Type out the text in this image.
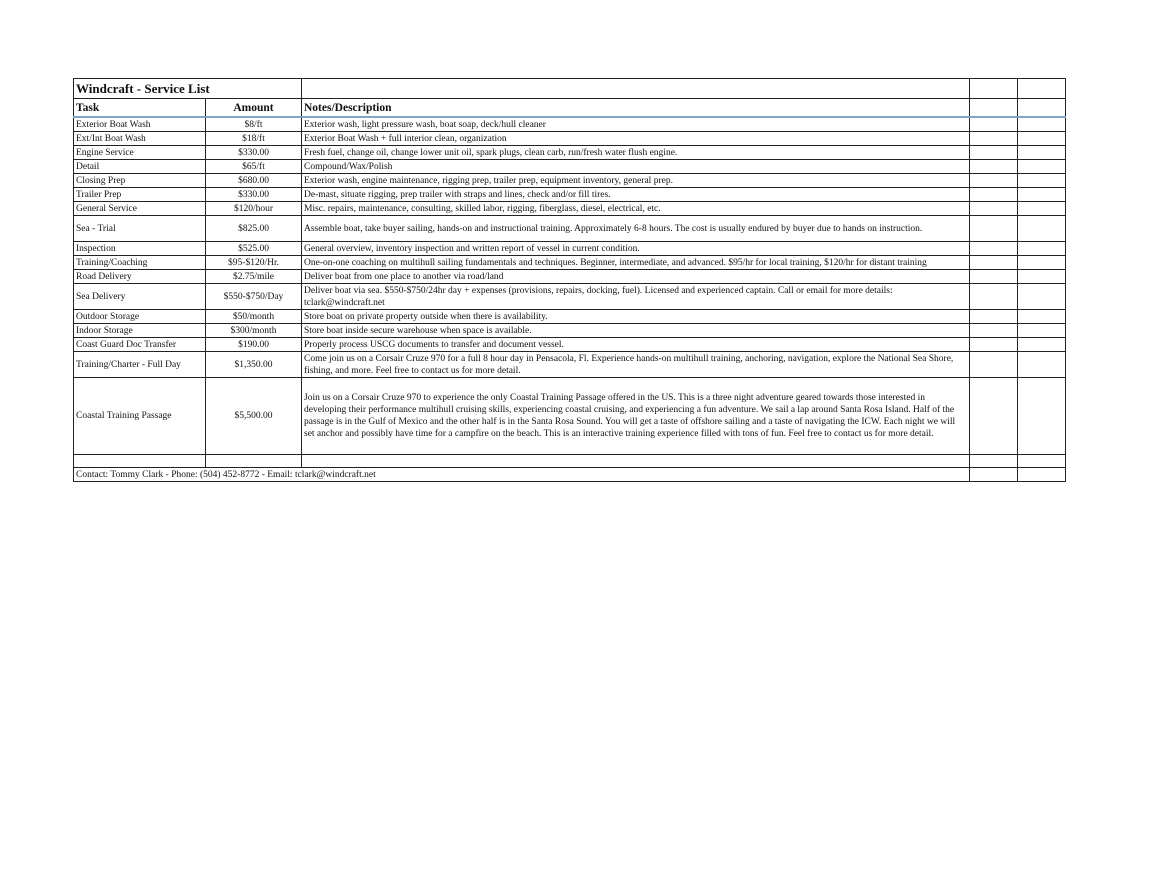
Windcraft - Service List				
Task	Amount	Notes/Description		
Exterior Boat Wash	$8/ft	Exterior wash, light pressure wash, boat soap, deck/hull cleaner		
Ext/Int Boat Wash	$18/ft	Exterior Boat Wash + full interior clean, organization		
Engine Service	$330.00	Fresh fuel, change oil, change lower unit oil, spark plugs, clean carb, run/fresh water flush engine.		
Detail	$65/ft	Compound/Wax/Polish		
Closing Prep	$680.00	Exterior wash, engine maintenance, rigging prep, trailer prep, equipment inventory, general prep.		
Trailer Prep	$330.00	De-mast, situate rigging, prep trailer with straps and lines, check and/or fill tires.		
General Service	$120/hour	Misc. repairs, maintenance, consulting, skilled labor, rigging, fiberglass, diesel, electrical, etc.		
Sea - Trial	$825.00	Assemble boat, take buyer sailing, hands-on and instructional training. Approximately 6-8 hours. The cost is usually endured by buyer due to hands on instruction.		
Inspection	$525.00	General overview, inventory inspection and written report of vessel in current condition.		
Training/Coaching	$95-$120/Hr.	One-on-one coaching on multihull sailing fundamentals and techniques. Beginner, intermediate, and advanced. $95/hr for local training, $120/hr for distant training		
Road Delivery	$2.75/mile	Deliver boat from one place to another via road/land		
Sea Delivery	$550-$750/Day	Deliver boat via sea. $550-$750/24hr day + expenses (provisions, repairs, docking, fuel). Licensed and experienced captain. Call or email for more details: tclark@windcraft.net		
Outdoor Storage	$50/month	Store boat on private property outside when there is availability.		
Indoor Storage	$300/month	Store boat inside secure warehouse when space is available.		
Coast Guard Doc Transfer	$190.00	Properly process USCG documents to transfer and document vessel.		
Training/Charter - Full Day	$1,350.00	Come join us on a Corsair Cruze 970 for a full 8 hour day in Pensacola, Fl. Experience hands-on multihull training, anchoring, navigation, explore the National Sea Shore, fishing, and more. Feel free to contact us for more detail.		
Coastal Training Passage	$5,500.00	Join us on a Corsair Cruze 970 to experience the only Coastal Training Passage offered in the US. This is a three night adventure geared towards those interested in developing their performance multihull cruising skills, experiencing coastal cruising, and experiencing a fun adventure. We sail a lap around Santa Rosa Island. Half of the passage is in the Gulf of Mexico and the other half is in the Santa Rosa Sound. You will get a taste of offshore sailing and a taste of navigating the ICW. Each night we will set anchor and possibly have time for a campfire on the beach. This is an interactive training experience filled with tons of fun. Feel free to contact us for more detail.		

Contact: Tommy Clark - Phone: (504) 452-8772 - Email: tclark@windcraft.net				
